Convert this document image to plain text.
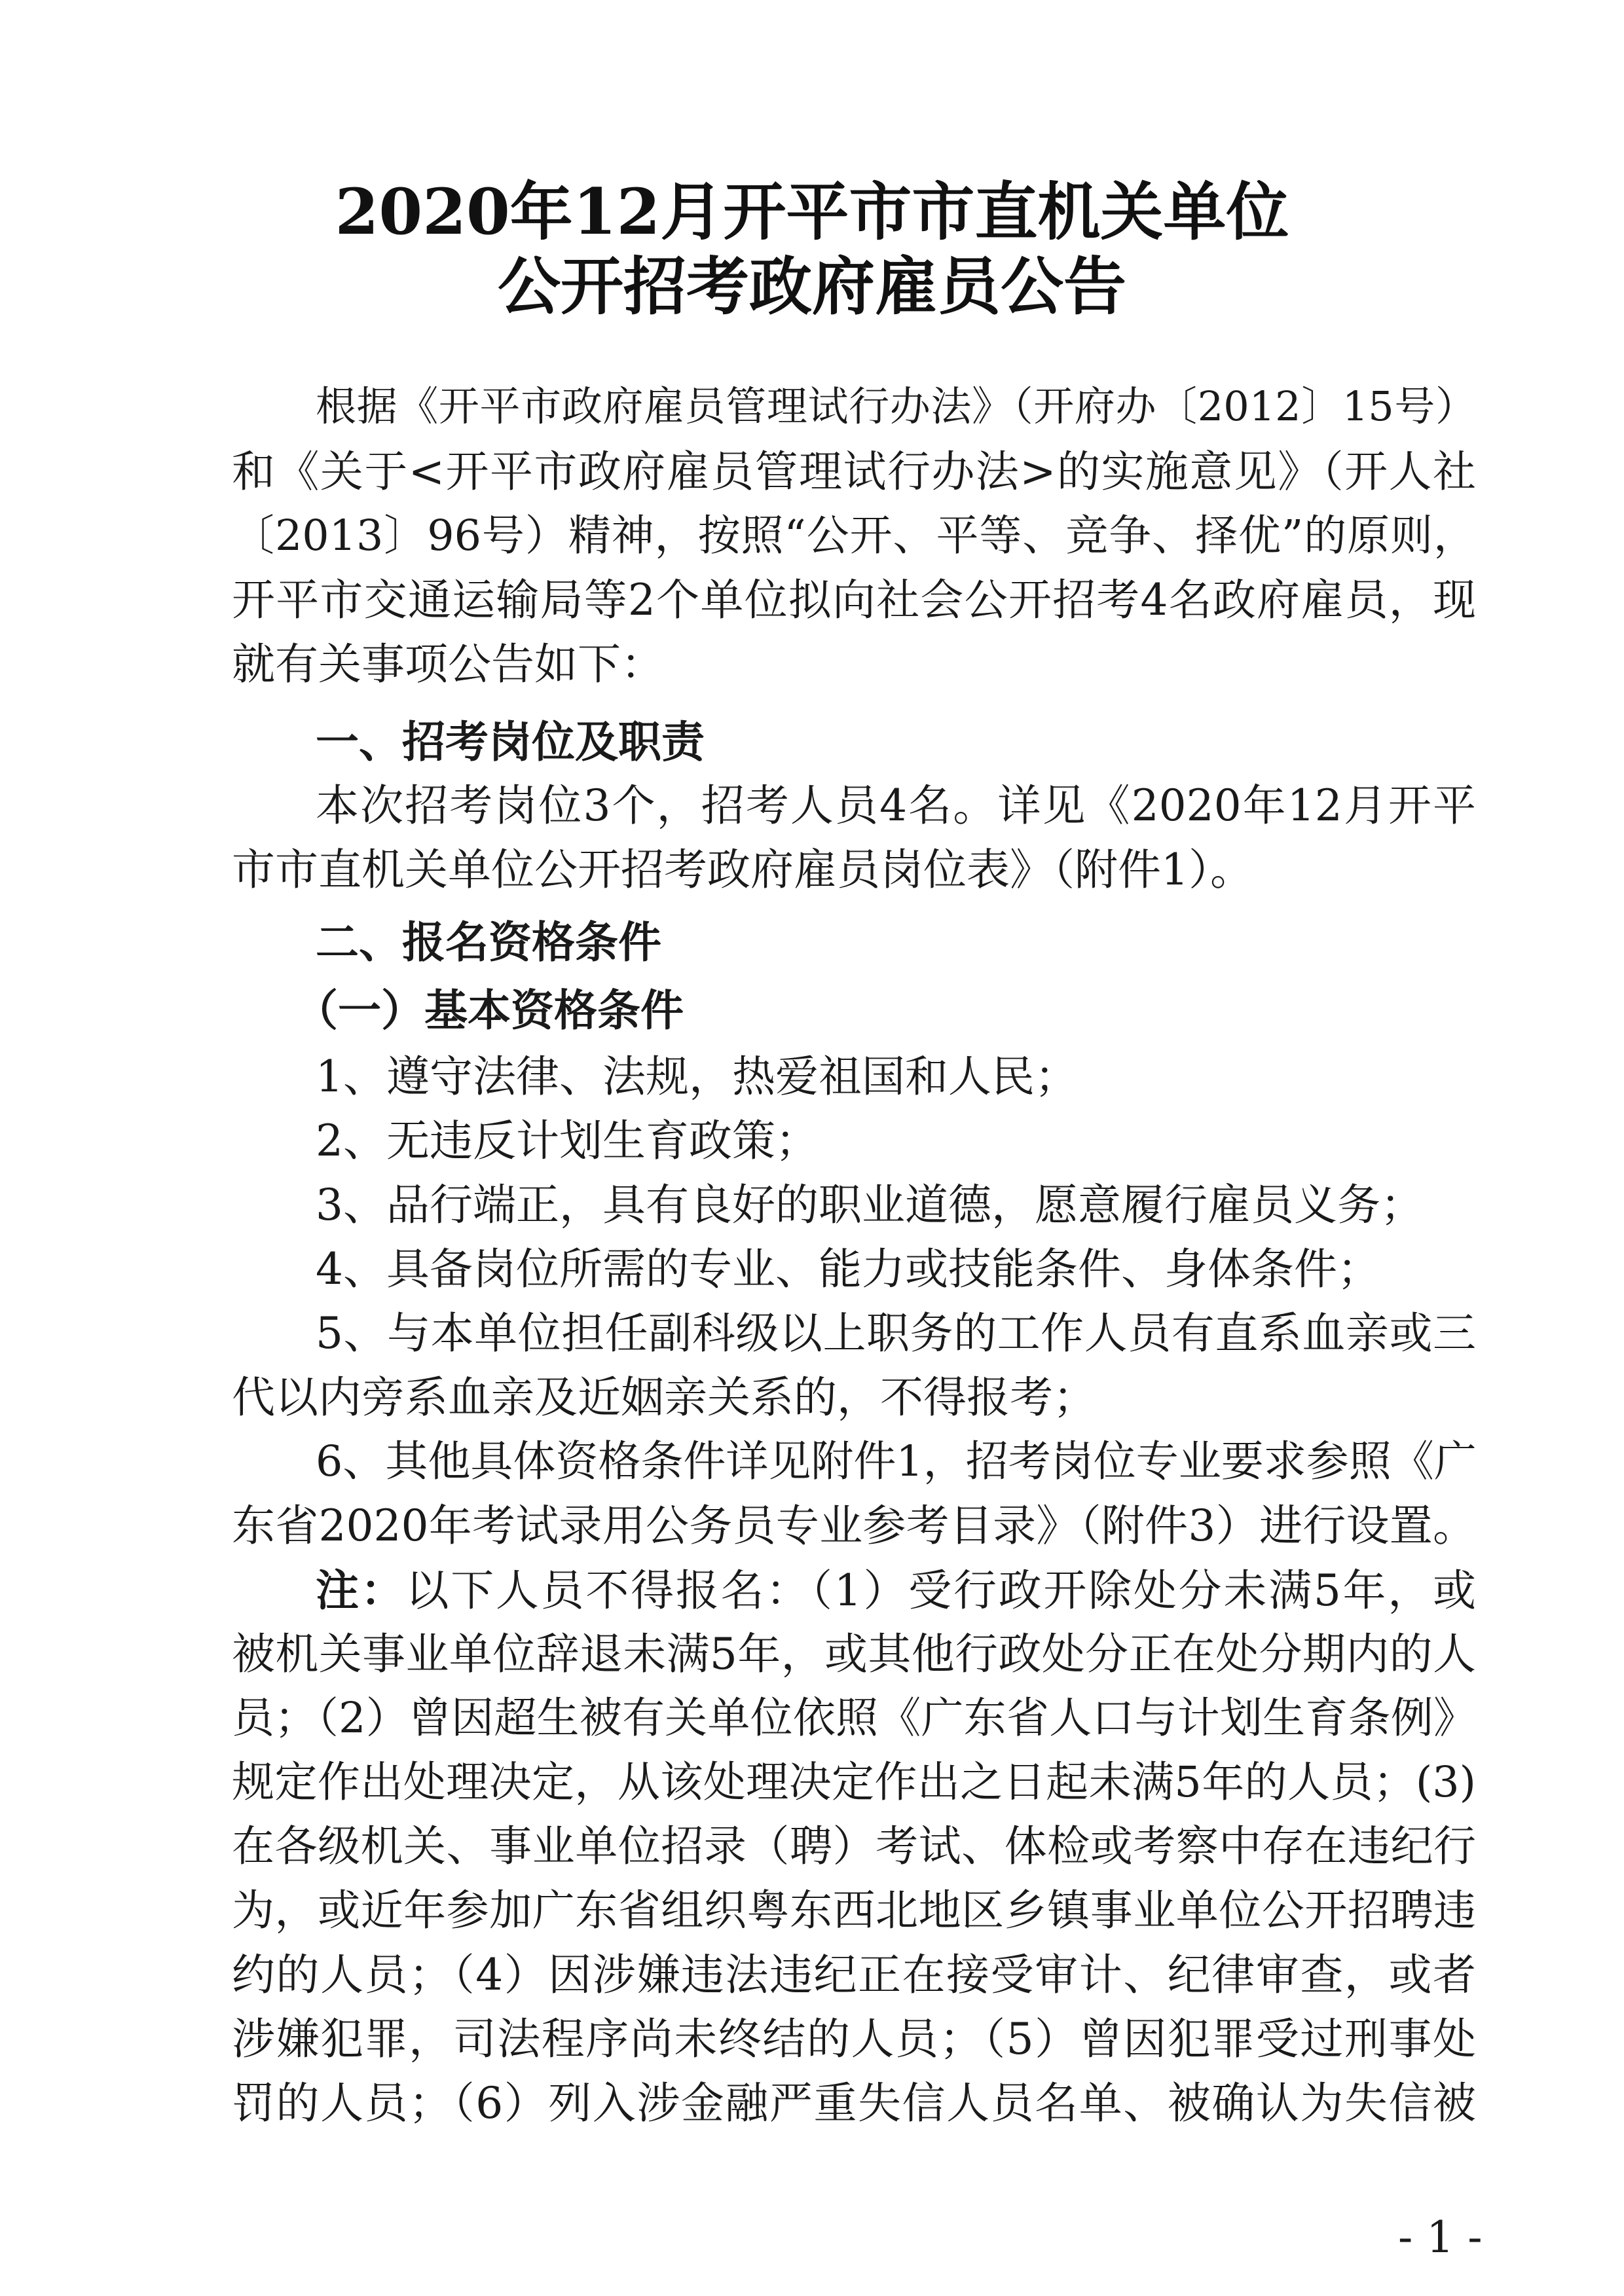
2020年12月开平市市直机关单位
公开招考政府雇员公告
根据《开平市政府雇员管理试行办法》（开府办〔2012〕15号）
和《关于<开平市政府雇员管理试行办法>的实施意见》（开人社
〔2013〕96号）精神，按照“公开、平等、竞争、择优”的原则，
开平市交通运输局等2个单位拟向社会公开招考4名政府雇员，现
就有关事项公告如下：
一、招考岗位及职责
本次招考岗位3个，招考人员4名。详见《2020年12月开平
市市直机关单位公开招考政府雇员岗位表》（附件1）。
二、报名资格条件
（一）基本资格条件
1、遵守法律、法规，热爱祖国和人民；
2、无违反计划生育政策；
3、品行端正，具有良好的职业道德，愿意履行雇员义务；
4、具备岗位所需的专业、能力或技能条件、身体条件；
5、与本单位担任副科级以上职务的工作人员有直系血亲或三
代以内旁系血亲及近姻亲关系的，不得报考；
6、其他具体资格条件详见附件1，招考岗位专业要求参照《广
东省2020年考试录用公务员专业参考目录》（附件3）进行设置。
注：以下人员不得报名：（1）受行政开除处分未满5年，或
被机关事业单位辞退未满5年，或其他行政处分正在处分期内的人
员；（2）曾因超生被有关单位依照《广东省人口与计划生育条例》
规定作出处理决定，从该处理决定作出之日起未满5年的人员；(3)
在各级机关、事业单位招录（聘）考试、体检或考察中存在违纪行
为，或近年参加广东省组织粤东西北地区乡镇事业单位公开招聘违
约的人员；（4）因涉嫌违法违纪正在接受审计、纪律审查，或者
涉嫌犯罪，司法程序尚未终结的人员；（5）曾因犯罪受过刑事处
罚的人员；（6）列入涉金融严重失信人员名单、被确认为失信被
- 1 -
